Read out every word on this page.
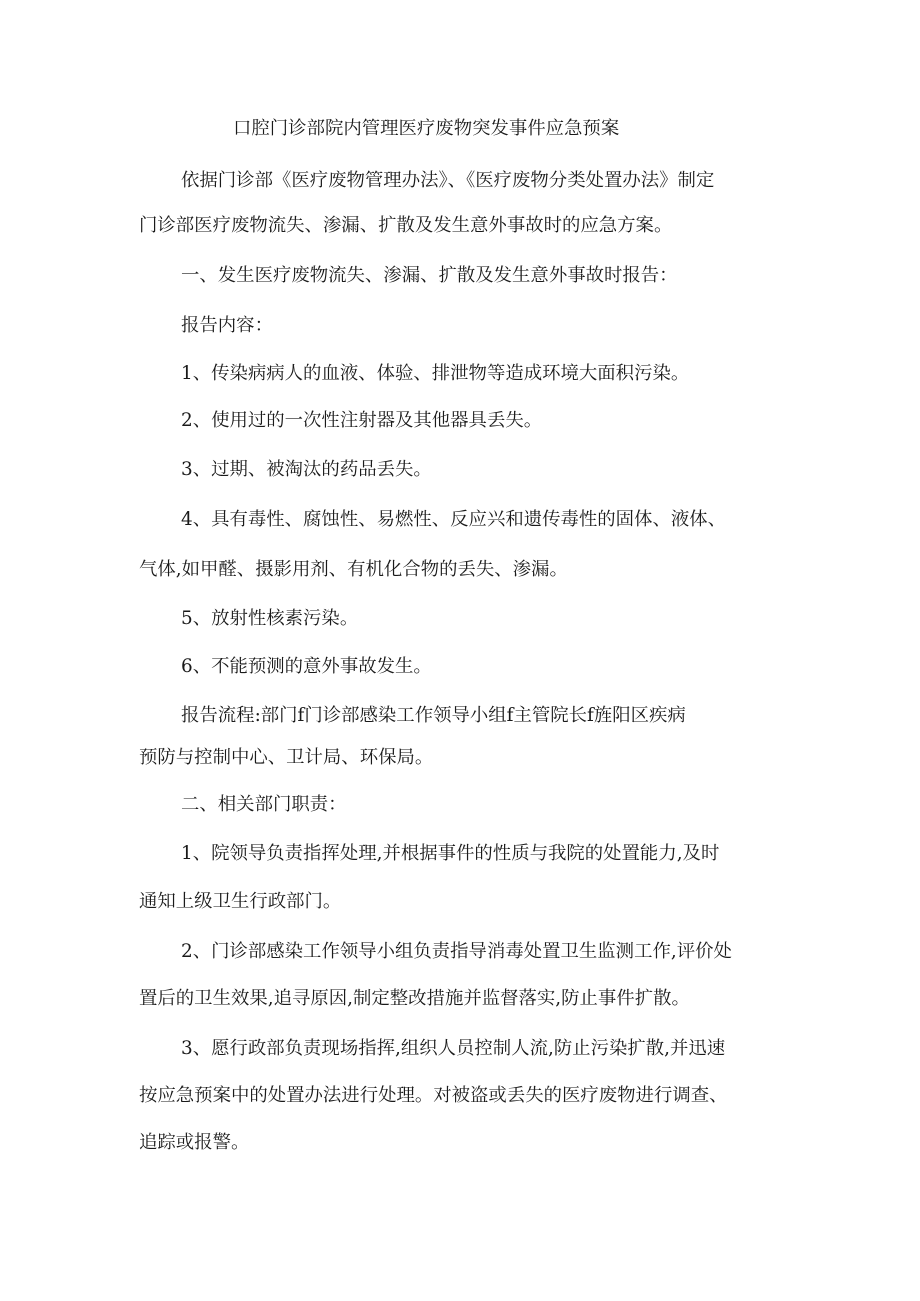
口腔门诊部院内管理医疗废物突发事件应急预案
依据门诊部《医疗废物管理办法》、《医疗废物分类处置办法》制定
门诊部医疗废物流失、渗漏、扩散及发生意外事故时的应急方案。
一、发生医疗废物流失、渗漏、扩散及发生意外事故时报告：
报告内容：
1、传染病病人的血液、体验、排泄物等造成环境大面积污染。
2、使用过的一次性注射器及其他器具丢失。
3、过期、被淘汰的药品丢失。
4、具有毒性、腐蚀性、易燃性、反应兴和遗传毒性的固体、液体、
气体,如甲醛、摄影用剂、有机化合物的丢失、渗漏。
5、放射性核素污染。
6、不能预测的意外事故发生。
报告流程:部门f门诊部感染工作领导小组f主管院长f旌阳区疾病
预防与控制中心、卫计局、环保局。
二、相关部门职责：
1、院领导负责指挥处理,并根据事件的性质与我院的处置能力,及时
通知上级卫生行政部门。
2、门诊部感染工作领导小组负责指导消毒处置卫生监测工作,评价处
置后的卫生效果,追寻原因,制定整改措施并监督落实,防止事件扩散。
3、愿行政部负责现场指挥,组织人员控制人流,防止污染扩散,并迅速
按应急预案中的处置办法进行处理。对被盗或丢失的医疗废物进行调查、
追踪或报警。
